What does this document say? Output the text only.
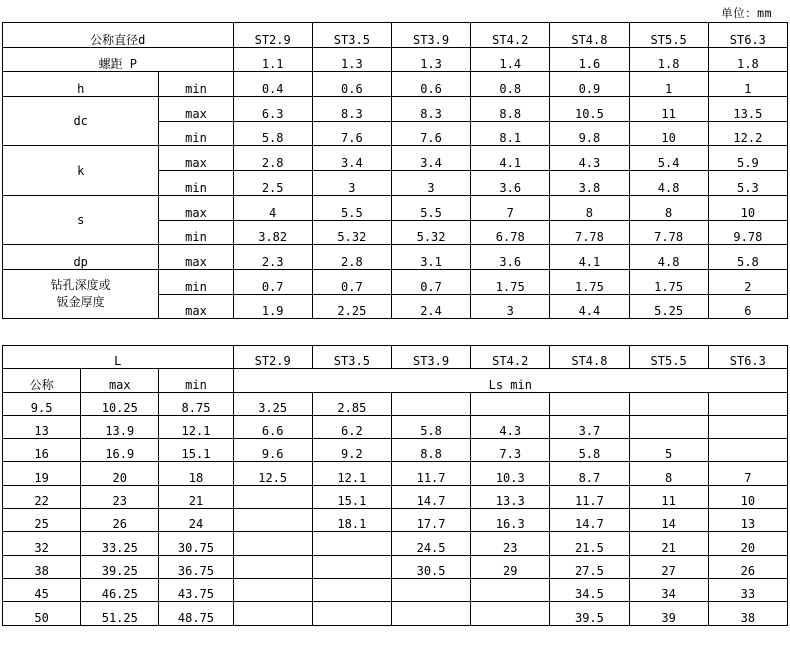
单位：mm
公称直径d		ST2.9	ST3.5	ST3.9	ST4.2	ST4.8	ST5.5	ST6.3
螺距 P		1.1	1.3	1.3	1.4	1.6	1.8	1.8
h	min	0.4	0.6	0.6	0.8	0.9	1	1
dc	max	6.3	8.3	8.3	8.8	10.5	11	13.5
	min	5.8	7.6	7.6	8.1	9.8	10	12.2
k	max	2.8	3.4	3.4	4.1	4.3	5.4	5.9
	min	2.5	3	3	3.6	3.8	4.8	5.3
s	max	4	5.5	5.5	7	8	8	10
	min	3.82	5.32	5.32	6.78	7.78	7.78	9.78
dp	max	2.3	2.8	3.1	3.6	4.1	4.8	5.8
钻孔深度或
钣金厚度	min	0.7	0.7	0.7	1.75	1.75	1.75	2
	max	1.9	2.25	2.4	3	4.4	5.25	6
L			ST2.9	ST3.5	ST3.9	ST4.2	ST4.8	ST5.5	ST6.3
公称	max	min	Ls min						
9.5	10.25	8.75	3.25	2.85					
13	13.9	12.1	6.6	6.2	5.8	4.3	3.7		
16	16.9	15.1	9.6	9.2	8.8	7.3	5.8	5	
19	20	18	12.5	12.1	11.7	10.3	8.7	8	7
22	23	21		15.1	14.7	13.3	11.7	11	10
25	26	24		18.1	17.7	16.3	14.7	14	13
32	33.25	30.75			24.5	23	21.5	21	20
38	39.25	36.75			30.5	29	27.5	27	26
45	46.25	43.75					34.5	34	33
50	51.25	48.75					39.5	39	38
